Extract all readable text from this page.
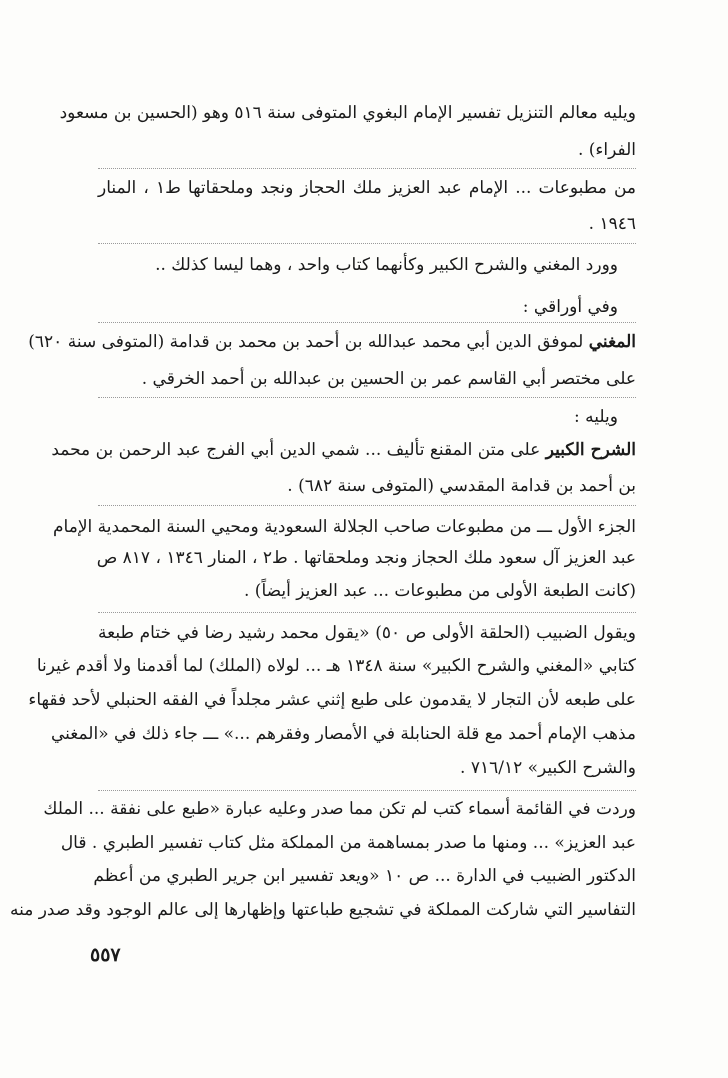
ويليه معالم التنزيل تفسير الإمام البغوي المتوفى سنة ٥١٦ وهو (الحسين بن مسعود
الفراء) .
من مطبوعات ... الإمام عبد العزيز ملك الحجاز ونجد وملحقاتها ط١ ، المنار
١٩٤٦ .
وورد المغني والشرح الكبير وكأنهما كتاب واحد ، وهما ليسا كذلك ..
وفي أوراقي :
المغني لموفق الدين أبي محمد عبدالله بن أحمد بن محمد بن قدامة (المتوفى سنة ٦٢٠)
على مختصر أبي القاسم عمر بن الحسين بن عبدالله بن أحمد الخرقي .
ويليه :
الشرح الكبير على متن المقنع تأليف ... شمي الدين أبي الفرج عبد الرحمن بن محمد
بن أحمد بن قدامة المقدسي (المتوفى سنة ٦٨٢) .
الجزء الأول ـــ من مطبوعات صاحب الجلالة السعودية ومحيي السنة المحمدية الإمام
عبد العزيز آل سعود ملك الحجاز ونجد وملحقاتها . ط٢ ، المنار ١٣٤٦ ، ٨١٧ ص
(كانت الطبعة الأولى من مطبوعات ... عبد العزيز أيضاً) .
ويقول الضبيب (الحلقة الأولى ص ٥٠) «يقول محمد رشيد رضا في ختام طبعة
كتابي «المغني والشرح الكبير» سنة ١٣٤٨ هـ ... لولاه (الملك) لما أقدمنا ولا أقدم غيرنا
على طبعه لأن التجار لا يقدمون على طبع إثني عشر مجلداً في الفقه الحنبلي لأحد فقهاء
مذهب الإمام أحمد مع قلة الحنابلة في الأمصار وفقرهم ...» ـــ جاء ذلك في «المغني
والشرح الكبير» ٧١٦/١٢ .
وردت في القائمة أسماء كتب لم تكن مما صدر وعليه عبارة «طبع على نفقة ... الملك
عبد العزيز» ... ومنها ما صدر بمساهمة من المملكة مثل كتاب تفسير الطبري . قال
الدكتور الضبيب في الدارة ... ص ١٠ «ويعد تفسير ابن جرير الطبري من أعظم
التفاسير التي شاركت المملكة في تشجيع طباعتها وإظهارها إلى عالم الوجود وقد صدر منه
٥٥٧
